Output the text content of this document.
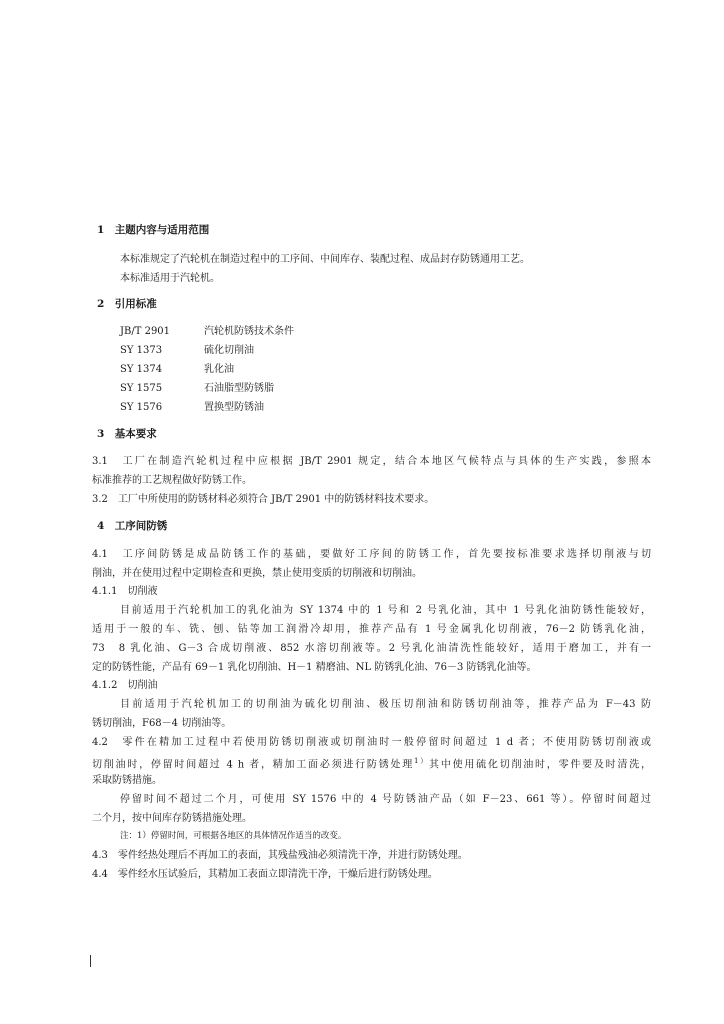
1　主题内容与适用范围
本标准规定了汽轮机在制造过程中的工序间、中间库存、装配过程、成品封存防锈通用工艺。
本标准适用于汽轮机。
2　引用标准
JB/T 2901	汽轮机防锈技术条件
SY 1373	硫化切削油
SY 1374	乳化油
SY 1575	石油脂型防锈脂
SY 1576	置换型防锈油
3　基本要求
3.1　工厂在制造汽轮机过程中应根据 JB/T 2901 规定，结合本地区气候特点与具体的生产实践，参照本
标准推荐的工艺规程做好防锈工作。
3.2　工厂中所使用的防锈材料必须符合 JB/T 2901 中的防锈材料技术要求。
4　工序间防锈
4.1　工序间防锈是成品防锈工作的基础，要做好工序间的防锈工作，首先要按标准要求选择切削液与切
削油，并在使用过程中定期检查和更换，禁止使用变质的切削液和切削油。
4.1.1　切削液
目前适用于汽轮机加工的乳化油为 SY 1374 中的 1 号和 2 号乳化油，其中 1 号乳化油防锈性能较好，
适用于一般的车、铣、刨、钻等加工润滑冷却用，推荐产品有 1 号金属乳化切削液，76－2 防锈乳化油，
73　8 乳化油、G－3 合成切削液、852 水溶切削液等。2 号乳化油清洗性能较好，适用于磨加工，并有一
定的防锈性能，产品有 69－1 乳化切削油、H－1 精磨油、NL 防锈乳化油、76－3 防锈乳化油等。
4.1.2　切削油
目前适用于汽轮机加工的切削油为硫化切削油、极压切削油和防锈切削油等，推荐产品为 F－43 防
锈切削油，F68－4 切削油等。
4.2　零件在精加工过程中若使用防锈切削液或切削油时一般停留时间超过 1 d 者；不使用防锈切削液或
切削油时，停留时间超过 4 h 者，精加工面必须进行防锈处理$^{1)}$其中使用硫化切削油时，零件要及时清洗，
采取防锈措施。
停留时间不超过二个月，可使用 SY 1576 中的 4 号防锈油产品（如 F－23、661 等）。停留时间超过
二个月，按中间库存防锈措施处理。
注：1）停留时间，可根据各地区的具体情况作适当的改变。
4.3　零件经热处理后不再加工的表面，其残盐残油必须清洗干净，并进行防锈处理。
4.4　零件经水压试验后，其精加工表面立即清洗干净，干燥后进行防锈处理。
